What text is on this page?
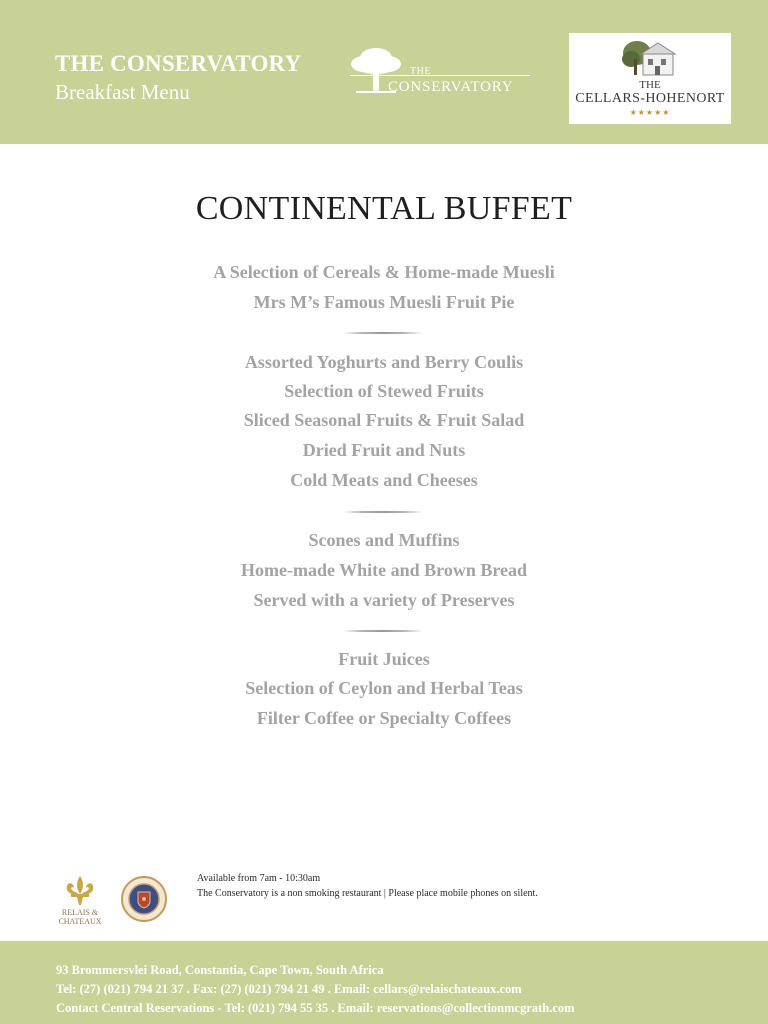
THE CONSERVATORY
Breakfast Menu
THE
CONSERVATORY	THE
CELLARS-HOHENORT
★★★★★
CONTINENTAL BUFFET
A Selection of Cereals & Home-made Muesli
Mrs M’s Famous Muesli Fruit Pie
Assorted Yoghurts and Berry Coulis
Selection of Stewed Fruits
Sliced Seasonal Fruits & Fruit Salad
Dried Fruit and Nuts
Cold Meats and Cheeses
Scones and Muffins
Home-made White and Brown Bread
Served with a variety of Preserves
Fruit Juices
Selection of Ceylon and Herbal Teas
Filter Coffee or Specialty Coffees
RELAIS &
CHATEAUX
Available from 7am - 10:30am
The Conservatory is a non smoking restaurant | Please place mobile phones on silent.
93 Brommersvlei Road, Constantia, Cape Town, South Africa
Tel: (27) (021) 794 21 37 . Fax: (27) (021) 794 21 49 . Email: cellars@relaischateaux.com
Contact Central Reservations - Tel: (021) 794 55 35 . Email: reservations@collectionmcgrath.com
